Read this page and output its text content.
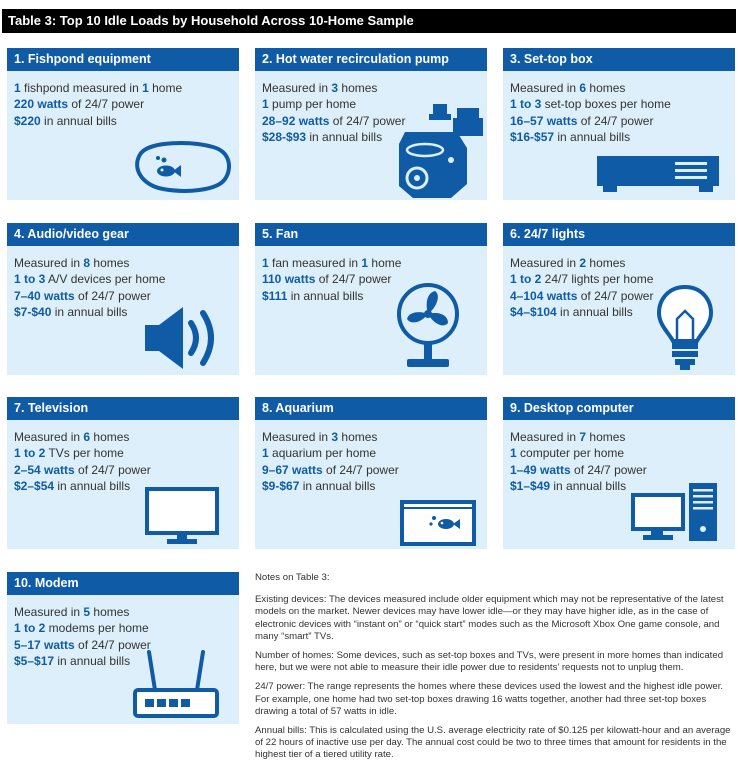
Table 3: Top 10 Idle Loads by Household Across 10-Home Sample
1. Fishpond equipment
1 fishpond measured in 1 home
220 watts of 24/7 power
$220 in annual bills
2. Hot water recirculation pump
Measured in 3 homes
1 pump per home
28–92 watts of 24/7 power
$28-$93 in annual bills
3. Set-top box
Measured in 6 homes
1 to 3 set-top boxes per home
16–57 watts of 24/7 power
$16-$57 in annual bills
4. Audio/video gear
Measured in 8 homes
1 to 3 A/V devices per home
7–40 watts of 24/7 power
$7-$40 in annual bills
5. Fan
1 fan measured in 1 home
110 watts of 24/7 power
$111 in annual bills
6. 24/7 lights
Measured in 2 homes
1 to 2 24/7 lights per home
4–104 watts of 24/7 power
$4–$104 in annual bills
7. Television
Measured in 6 homes
1 to 2 TVs per home
2–54 watts of 24/7 power
$2–$54 in annual bills
8. Aquarium
Measured in 3 homes
1 aquarium per home
9–67 watts of 24/7 power
$9-$67 in annual bills
9. Desktop computer
Measured in 7 homes
1 computer per home
1–49 watts of 24/7 power
$1–$49 in annual bills
10. Modem
Measured in 5 homes
1 to 2 modems per home
5–17 watts of 24/7 power
$5–$17 in annual bills
Notes on Table 3:

Existing devices: The devices measured include older equipment which may not be representative of the latest models on the market. Newer devices may have lower idle—or they may have higher idle, as in the case of electronic devices with “instant on” or “quick start” modes such as the Microsoft Xbox One game console, and many “smart” TVs.

Number of homes: Some devices, such as set-top boxes and TVs, were present in more homes than indicated here, but we were not able to measure their idle power due to residents’ requests not to unplug them.

24/7 power: The range represents the homes where these devices used the lowest and the highest idle power. For example, one home had two set-top boxes drawing 16 watts together, another had three set-top boxes drawing a total of 57 watts in idle.

Annual bills: This is calculated using the U.S. average electricity rate of $0.125 per kilowatt-hour and an average of 22 hours of inactive use per day. The annual cost could be two to three times that amount for residents in the highest tier of a tiered utility rate.
